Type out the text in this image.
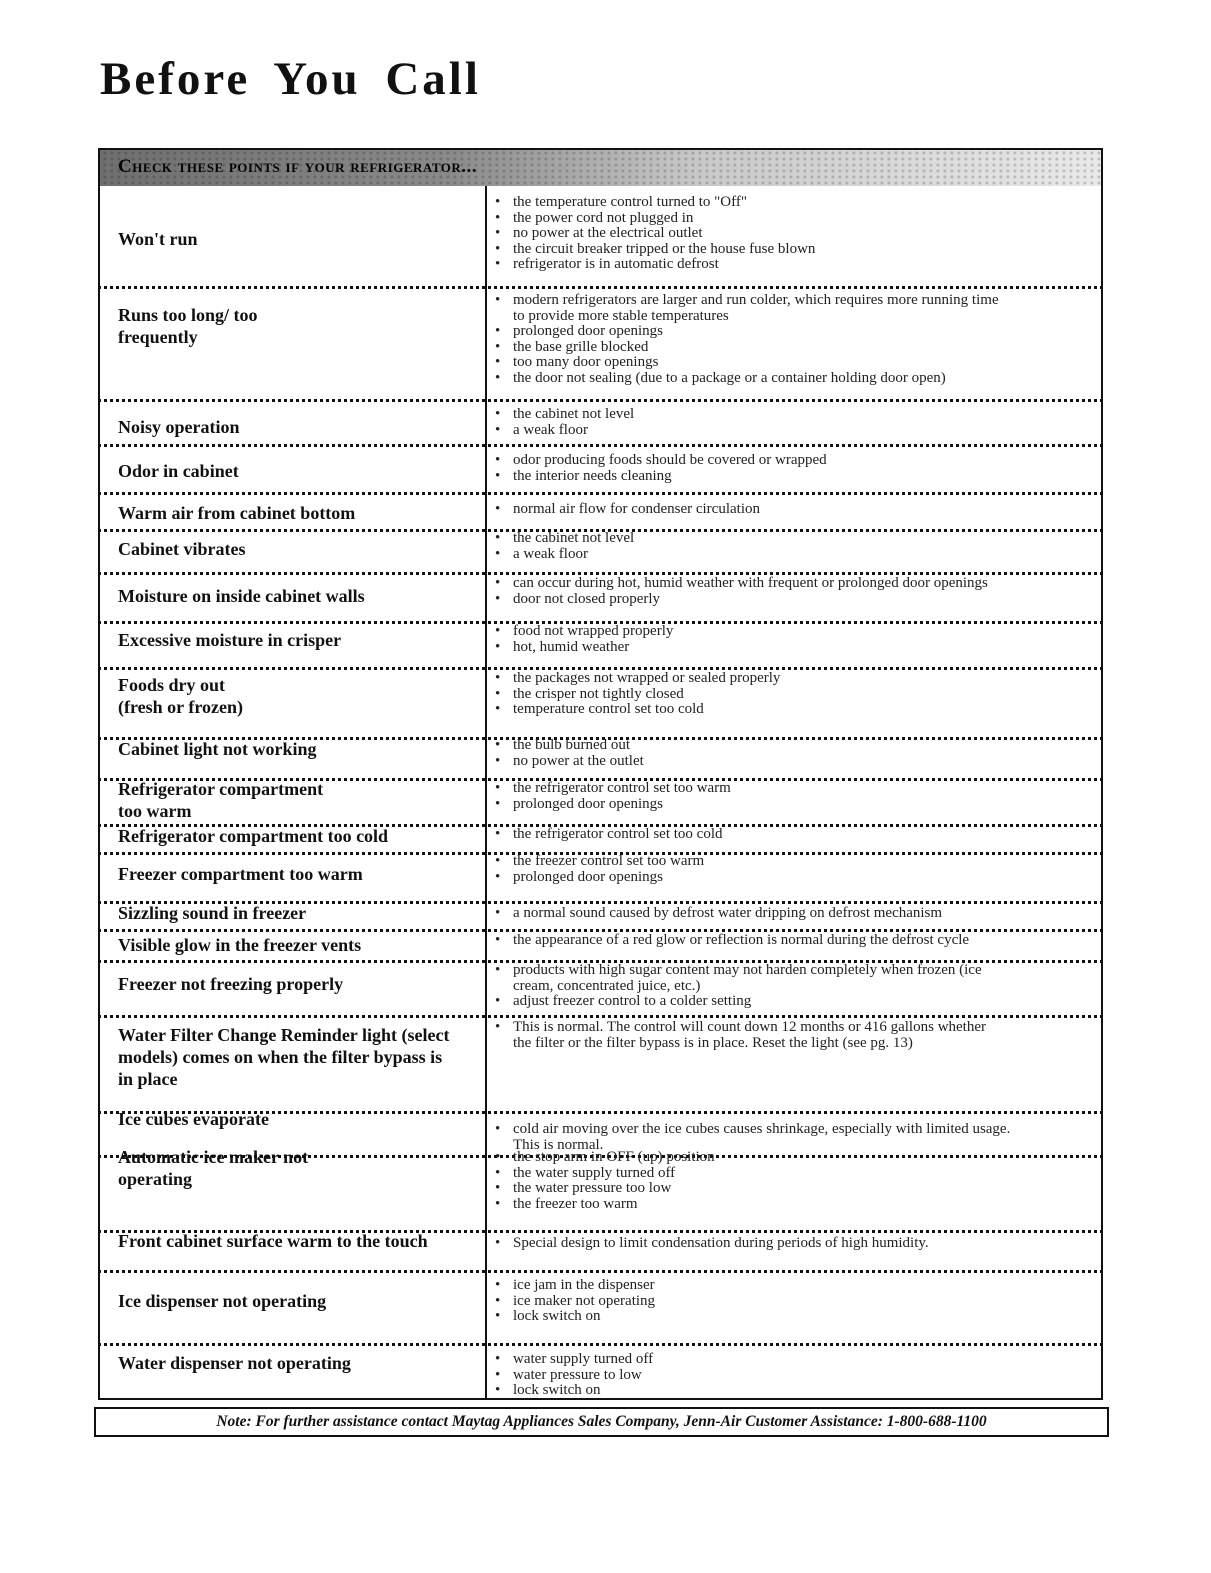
Before You Call
Check these points if your refrigerator...
Won't run
• the temperature control turned to "Off"
• the power cord not plugged in
• no power at the electrical outlet
• the circuit breaker tripped or the house fuse blown
• refrigerator is in automatic defrost
Runs too long/ too
frequently
• modern refrigerators are larger and run colder, which requires more running time
to provide more stable temperatures
• prolonged door openings
• the base grille blocked
• too many door openings
• the door not sealing (due to a package or a container holding door open)
Noisy operation
• the cabinet not level
• a weak floor
Odor in cabinet
• odor producing foods should be covered or wrapped
• the interior needs cleaning
Warm air from cabinet bottom	• normal air flow for condenser circulation
Cabinet vibrates
• the cabinet not level
• a weak floor
Moisture on inside cabinet walls
• can occur during hot, humid weather with frequent or prolonged door openings
• door not closed properly
Excessive moisture in crisper	• food not wrapped properly
• hot, humid weather
Foods dry out
(fresh or frozen)
• the packages not wrapped or sealed properly
• the crisper not tightly closed
• temperature control set too cold
Cabinet light not working	• the bulb burned out
• no power at the outlet
Refrigerator compartment
too warm
• the refrigerator control set too warm
• prolonged door openings
Refrigerator compartment too cold	• the refrigerator control set too cold
Freezer compartment too warm
• the freezer control set too warm
• prolonged door openings
Sizzling sound in freezer	• a normal sound caused by defrost water dripping on defrost mechanism
Visible glow in the freezer vents	• the appearance of a red glow or reflection is normal during the defrost cycle
Freezer not freezing properly
• products with high sugar content may not harden completely when frozen (ice
cream, concentrated juice, etc.)
• adjust freezer control to a colder setting
Water Filter Change Reminder light (select
models) comes on when the filter bypass is
in place
• This is normal. The control will count down 12 months or 416 gallons whether
the filter or the filter bypass is in place. Reset the light (see pg. 13)
Ice cubes evaporate	• cold air moving over the ice cubes causes shrinkage, especially with limited usage.
This is normal.
Automatic ice maker not
operating
• the stop arm in OFF (up) position
• the water supply turned off
• the water pressure too low
• the freezer too warm
Front cabinet surface warm to the touch	• Special design to limit condensation during periods of high humidity.
Ice dispenser not operating
• ice jam in the dispenser
• ice maker not operating
• lock switch on
Water dispenser not operating	• water supply turned off
• water pressure to low
• lock switch on
Note: For further assistance contact Maytag Appliances Sales Company, Jenn-Air Customer Assistance: 1-800-688-1100
